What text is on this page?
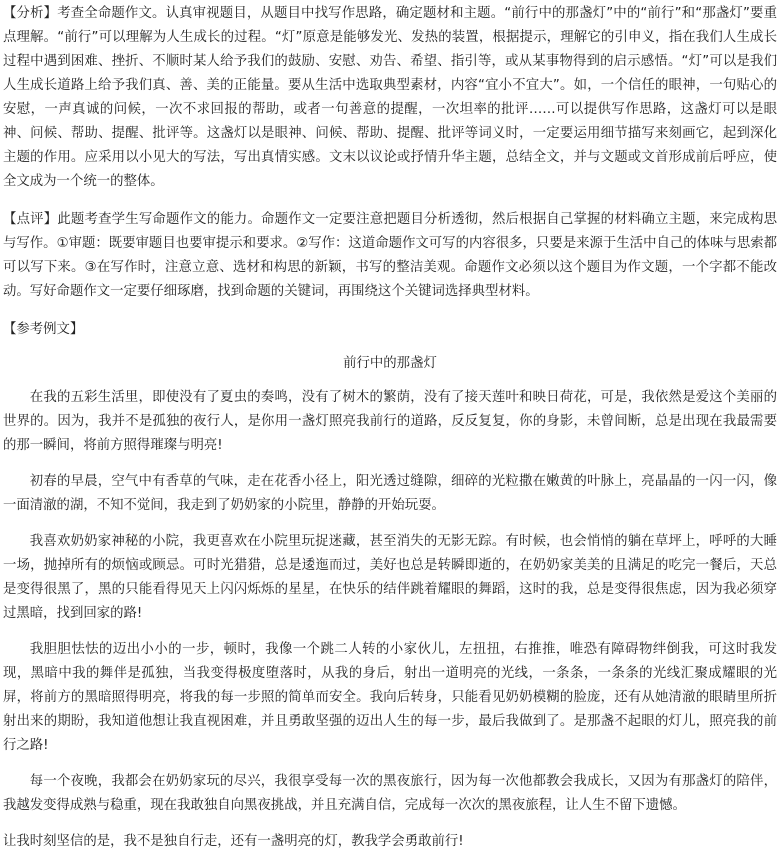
【分析】考查全命题作文。认真审视题目，从题目中找写作思路，确定题材和主题。“前行中的那盏灯”中的“前行”和“那盏灯”要重点理解。“前行”可以理解为人生成长的过程。“灯”原意是能够发光、发热的装置，根据提示，理解它的引申义，指在我们人生成长过程中遇到困难、挫折、不顺时某人给予我们的鼓励、安慰、劝告、希望、指引等，或从某事物得到的启示感悟。“灯”可以是我们人生成长道路上给予我们真、善、美的正能量。要从生活中选取典型素材，内容“宜小不宜大”。如，一个信任的眼神，一句贴心的安慰，一声真诚的问候，一次不求回报的帮助，或者一句善意的提醒，一次坦率的批评……可以提供写作思路，这盏灯可以是眼神、问候、帮助、提醒、批评等。这盏灯以是眼神、问候、帮助、提醒、批评等词义时，一定要运用细节描写来刻画它，起到深化主题的作用。应采用以小见大的写法，写出真情实感。文末以议论或抒情升华主题，总结全文，并与文题或文首形成前后呼应，使全文成为一个统一的整体。

【点评】此题考查学生写命题作文的能力。命题作文一定要注意把题目分析透彻，然后根据自己掌握的材料确立主题，来完成构思与写作。①审题：既要审题目也要审提示和要求。②写作：这道命题作文可写的内容很多，只要是来源于生活中自己的体味与思索都可以写下来。③在写作时，注意立意、选材和构思的新颖，书写的整洁美观。命题作文必须以这个题目为作文题，一个字都不能改动。写好命题作文一定要仔细琢磨，找到命题的关键词，再围绕这个关键词选择典型材料。

【参考例文】

前行中的那盏灯

在我的五彩生活里，即使没有了夏虫的奏鸣，没有了树木的繁荫，没有了接天莲叶和映日荷花，可是，我依然是爱这个美丽的世界的。因为，我并不是孤独的夜行人，是你用一盏灯照亮我前行的道路，反反复复，你的身影，未曾间断，总是出现在我最需要的那一瞬间，将前方照得璀璨与明亮!

初春的早晨，空气中有香草的气味，走在花香小径上，阳光透过缝隙，细碎的光粒撒在嫩黄的叶脉上，亮晶晶的一闪一闪，像一面清澈的湖，不知不觉间，我走到了奶奶家的小院里，静静的开始玩耍。

我喜欢奶奶家神秘的小院，我更喜欢在小院里玩捉迷藏，甚至消失的无影无踪。有时候，也会悄悄的躺在草坪上，呼呼的大睡一场，抛掉所有的烦恼或顾忌。可时光猎猎，总是逶迤而过，美好也总是转瞬即逝的，在奶奶家美美的且满足的吃完一餐后，天总是变得很黑了，黑的只能看得见天上闪闪烁烁的星星，在快乐的结伴跳着耀眼的舞蹈，这时的我，总是变得很焦虑，因为我必须穿过黑暗，找到回家的路!

我胆胆怯怯的迈出小小的一步，顿时，我像一个跳二人转的小家伙儿，左扭扭，右推推，唯恐有障碍物绊倒我，可这时我发现，黑暗中我的舞伴是孤独，当我变得极度堕落时，从我的身后，射出一道明亮的光线，一条条，一条条的光线汇聚成耀眼的光屏，将前方的黑暗照得明亮，将我的每一步照的简单而安全。我向后转身，只能看见奶奶模糊的脸庞，还有从她清澈的眼睛里所折射出来的期盼，我知道他想让我直视困难，并且勇敢坚强的迈出人生的每一步，最后我做到了。是那盏不起眼的灯儿，照亮我的前行之路!

每一个夜晚，我都会在奶奶家玩的尽兴，我很享受每一次的黑夜旅行，因为每一次他都教会我成长，又因为有那盏灯的陪伴，我越发变得成熟与稳重，现在我敢独自向黑夜挑战，并且充满自信，完成每一次次的黑夜旅程，让人生不留下遗憾。

让我时刻坚信的是，我不是独自行走，还有一盏明亮的灯，教我学会勇敢前行!
